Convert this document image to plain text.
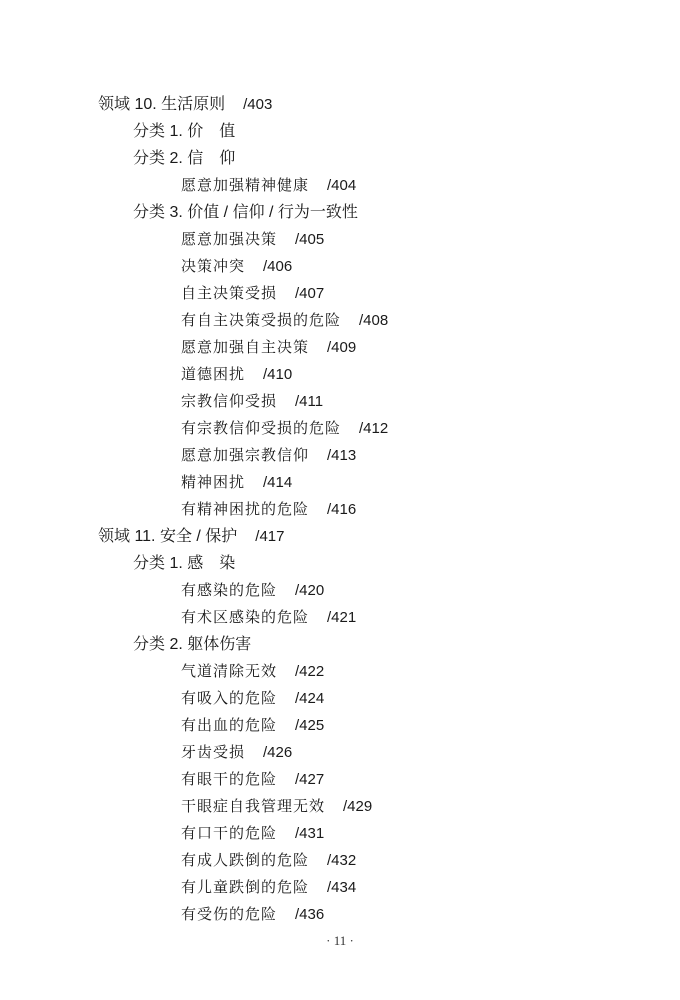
领域 10. 生活原则 /403
分类 1. 价　值
分类 2. 信　仰
愿意加强精神健康 /404
分类 3. 价值 / 信仰 / 行为一致性
愿意加强决策 /405
决策冲突 /406
自主决策受损 /407
有自主决策受损的危险 /408
愿意加强自主决策 /409
道德困扰 /410
宗教信仰受损 /411
有宗教信仰受损的危险 /412
愿意加强宗教信仰 /413
精神困扰 /414
有精神困扰的危险 /416
领域 11. 安全 / 保护 /417
分类 1. 感　染
有感染的危险 /420
有术区感染的危险 /421
分类 2. 躯体伤害
气道清除无效 /422
有吸入的危险 /424
有出血的危险 /425
牙齿受损 /426
有眼干的危险 /427
干眼症自我管理无效 /429
有口干的危险 /431
有成人跌倒的危险 /432
有儿童跌倒的危险 /434
有受伤的危险 /436
· 11 ·
